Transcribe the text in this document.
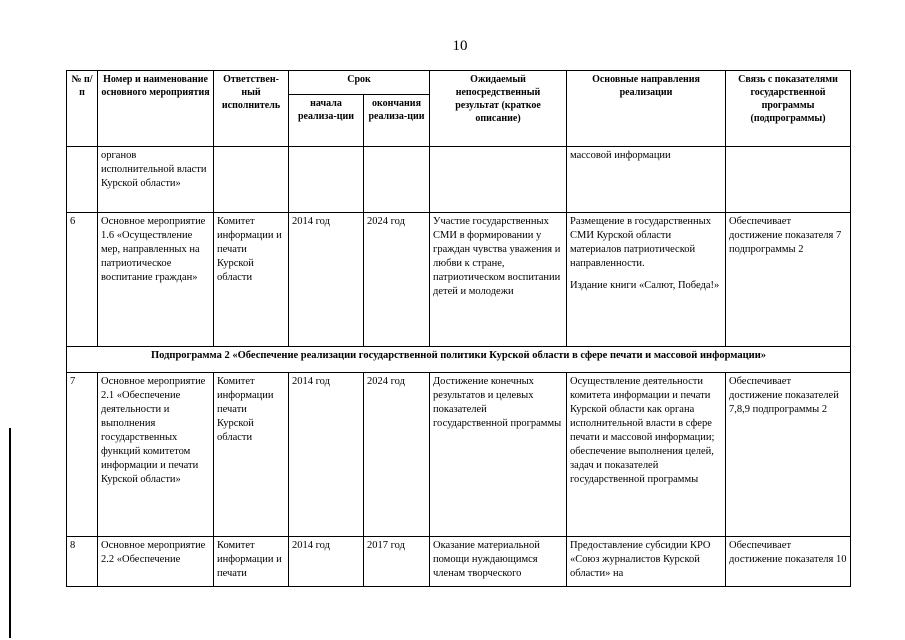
10
№ п/п	Номер и наименование основного мероприятия	Ответствен-ный исполнитель	Срок		Ожидаемый непосредственный результат (краткое описание)	Основные направления реализации	Связь с показателями государственной программы (подпрограммы)
			начала реализа-ции	окончания реализа-ции			
	органов исполнительной власти Курской области»					массовой информации	
6	Основное мероприятие 1.6 «Осуществление мер, направленных на патриотическое воспитание граждан»	Комитет информации и печати Курской области	2014 год	2024 год	Участие государственных СМИ в формировании у граждан чувства уважения и любви к стране, патриотическом воспитании детей и молодежи	Размещение в государственных СМИ Курской области материалов патриотической направленности.
Издание книги «Салют, Победа!»	Обеспечивает достижение показателя 7 подпрограммы 2
Подпрограмма 2 «Обеспечение реализации государственной политики Курской области в сфере печати и массовой информации»							
7	Основное мероприятие 2.1 «Обеспечение деятельности и выполнения государственных функций комитетом информации и печати Курской области»	Комитет информации печати Курской области	2014 год	2024 год	Достижение конечных результатов и целевых показателей государственной программы	Осуществление деятельности комитета информации и печати Курской области как органа исполнительной власти в сфере печати и массовой информации; обеспечение выполнения целей, задач и показателей государственной программы	Обеспечивает достижение показателей 7,8,9 подпрограммы 2
8	Основное мероприятие 2.2 «Обеспечение	Комитет информации и печати	2014 год	2017 год	Оказание материальной помощи нуждающимся членам творческого	Предоставление субсидии КРО «Союз журналистов Курской области» на	Обеспечивает достижение показателя 10
